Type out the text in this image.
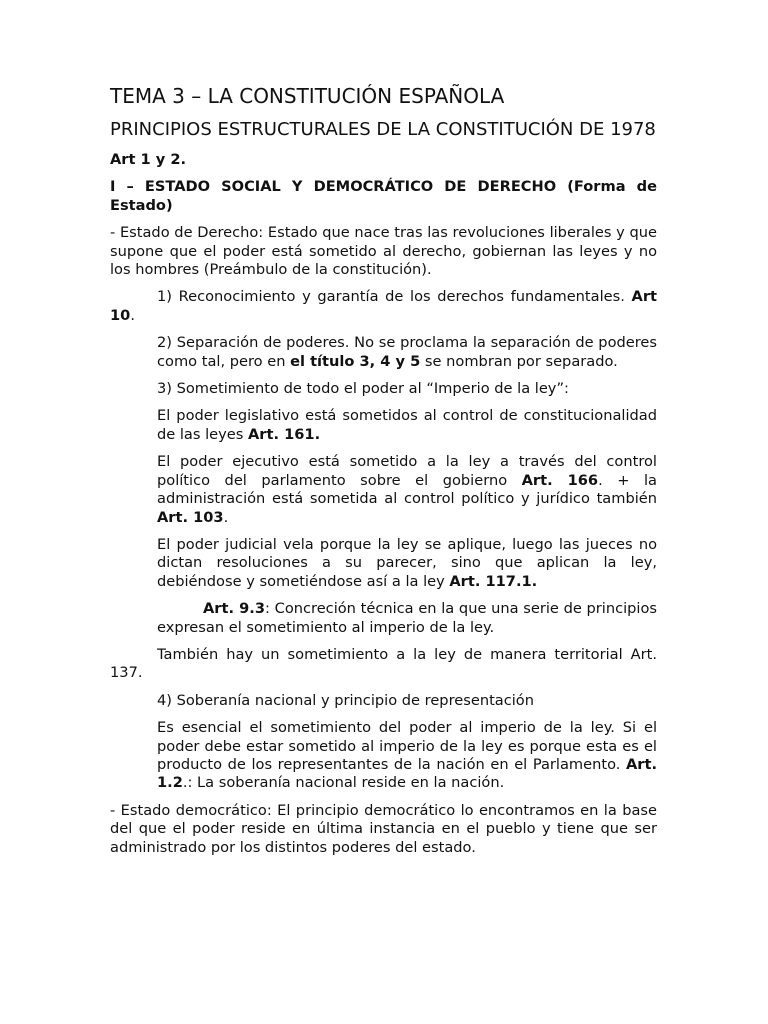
TEMA 3 – LA CONSTITUCIÓN ESPAÑOLA

PRINCIPIOS ESTRUCTURALES DE LA CONSTITUCIÓN DE 1978

Art 1 y 2.

I – ESTADO SOCIAL Y DEMOCRÁTICO DE DERECHO (Forma de Estado)

- Estado de Derecho: Estado que nace tras las revoluciones liberales y que supone que el poder está sometido al derecho, gobiernan las leyes y no los hombres (Preámbulo de la constitución).

1) Reconocimiento y garantía de los derechos fundamentales. Art 10.

2) Separación de poderes. No se proclama la separación de poderes como tal, pero en el título 3, 4 y 5 se nombran por separado.

3) Sometimiento de todo el poder al “Imperio de la ley”:

El poder legislativo está sometidos al control de constitucionalidad de las leyes Art. 161.

El poder ejecutivo está sometido a la ley a través del control político del parlamento sobre el gobierno Art. 166. + la administración está sometida al control político y jurídico también Art. 103.

El poder judicial vela porque la ley se aplique, luego las jueces no dictan resoluciones a su parecer, sino que aplican la ley, debiéndose y sometiéndose así a la ley Art. 117.1.

Art. 9.3: Concreción técnica en la que una serie de principios expresan el sometimiento al imperio de la ley.

También hay un sometimiento a la ley de manera territorial Art. 137.

4) Soberanía nacional y principio de representación

Es esencial el sometimiento del poder al imperio de la ley. Si el poder debe estar sometido al imperio de la ley es porque esta es el producto de los representantes de la nación en el Parlamento. Art. 1.2.: La soberanía nacional reside en la nación.

- Estado democrático: El principio democrático lo encontramos en la base del que el poder reside en última instancia en el pueblo y tiene que ser administrado por los distintos poderes del estado.
